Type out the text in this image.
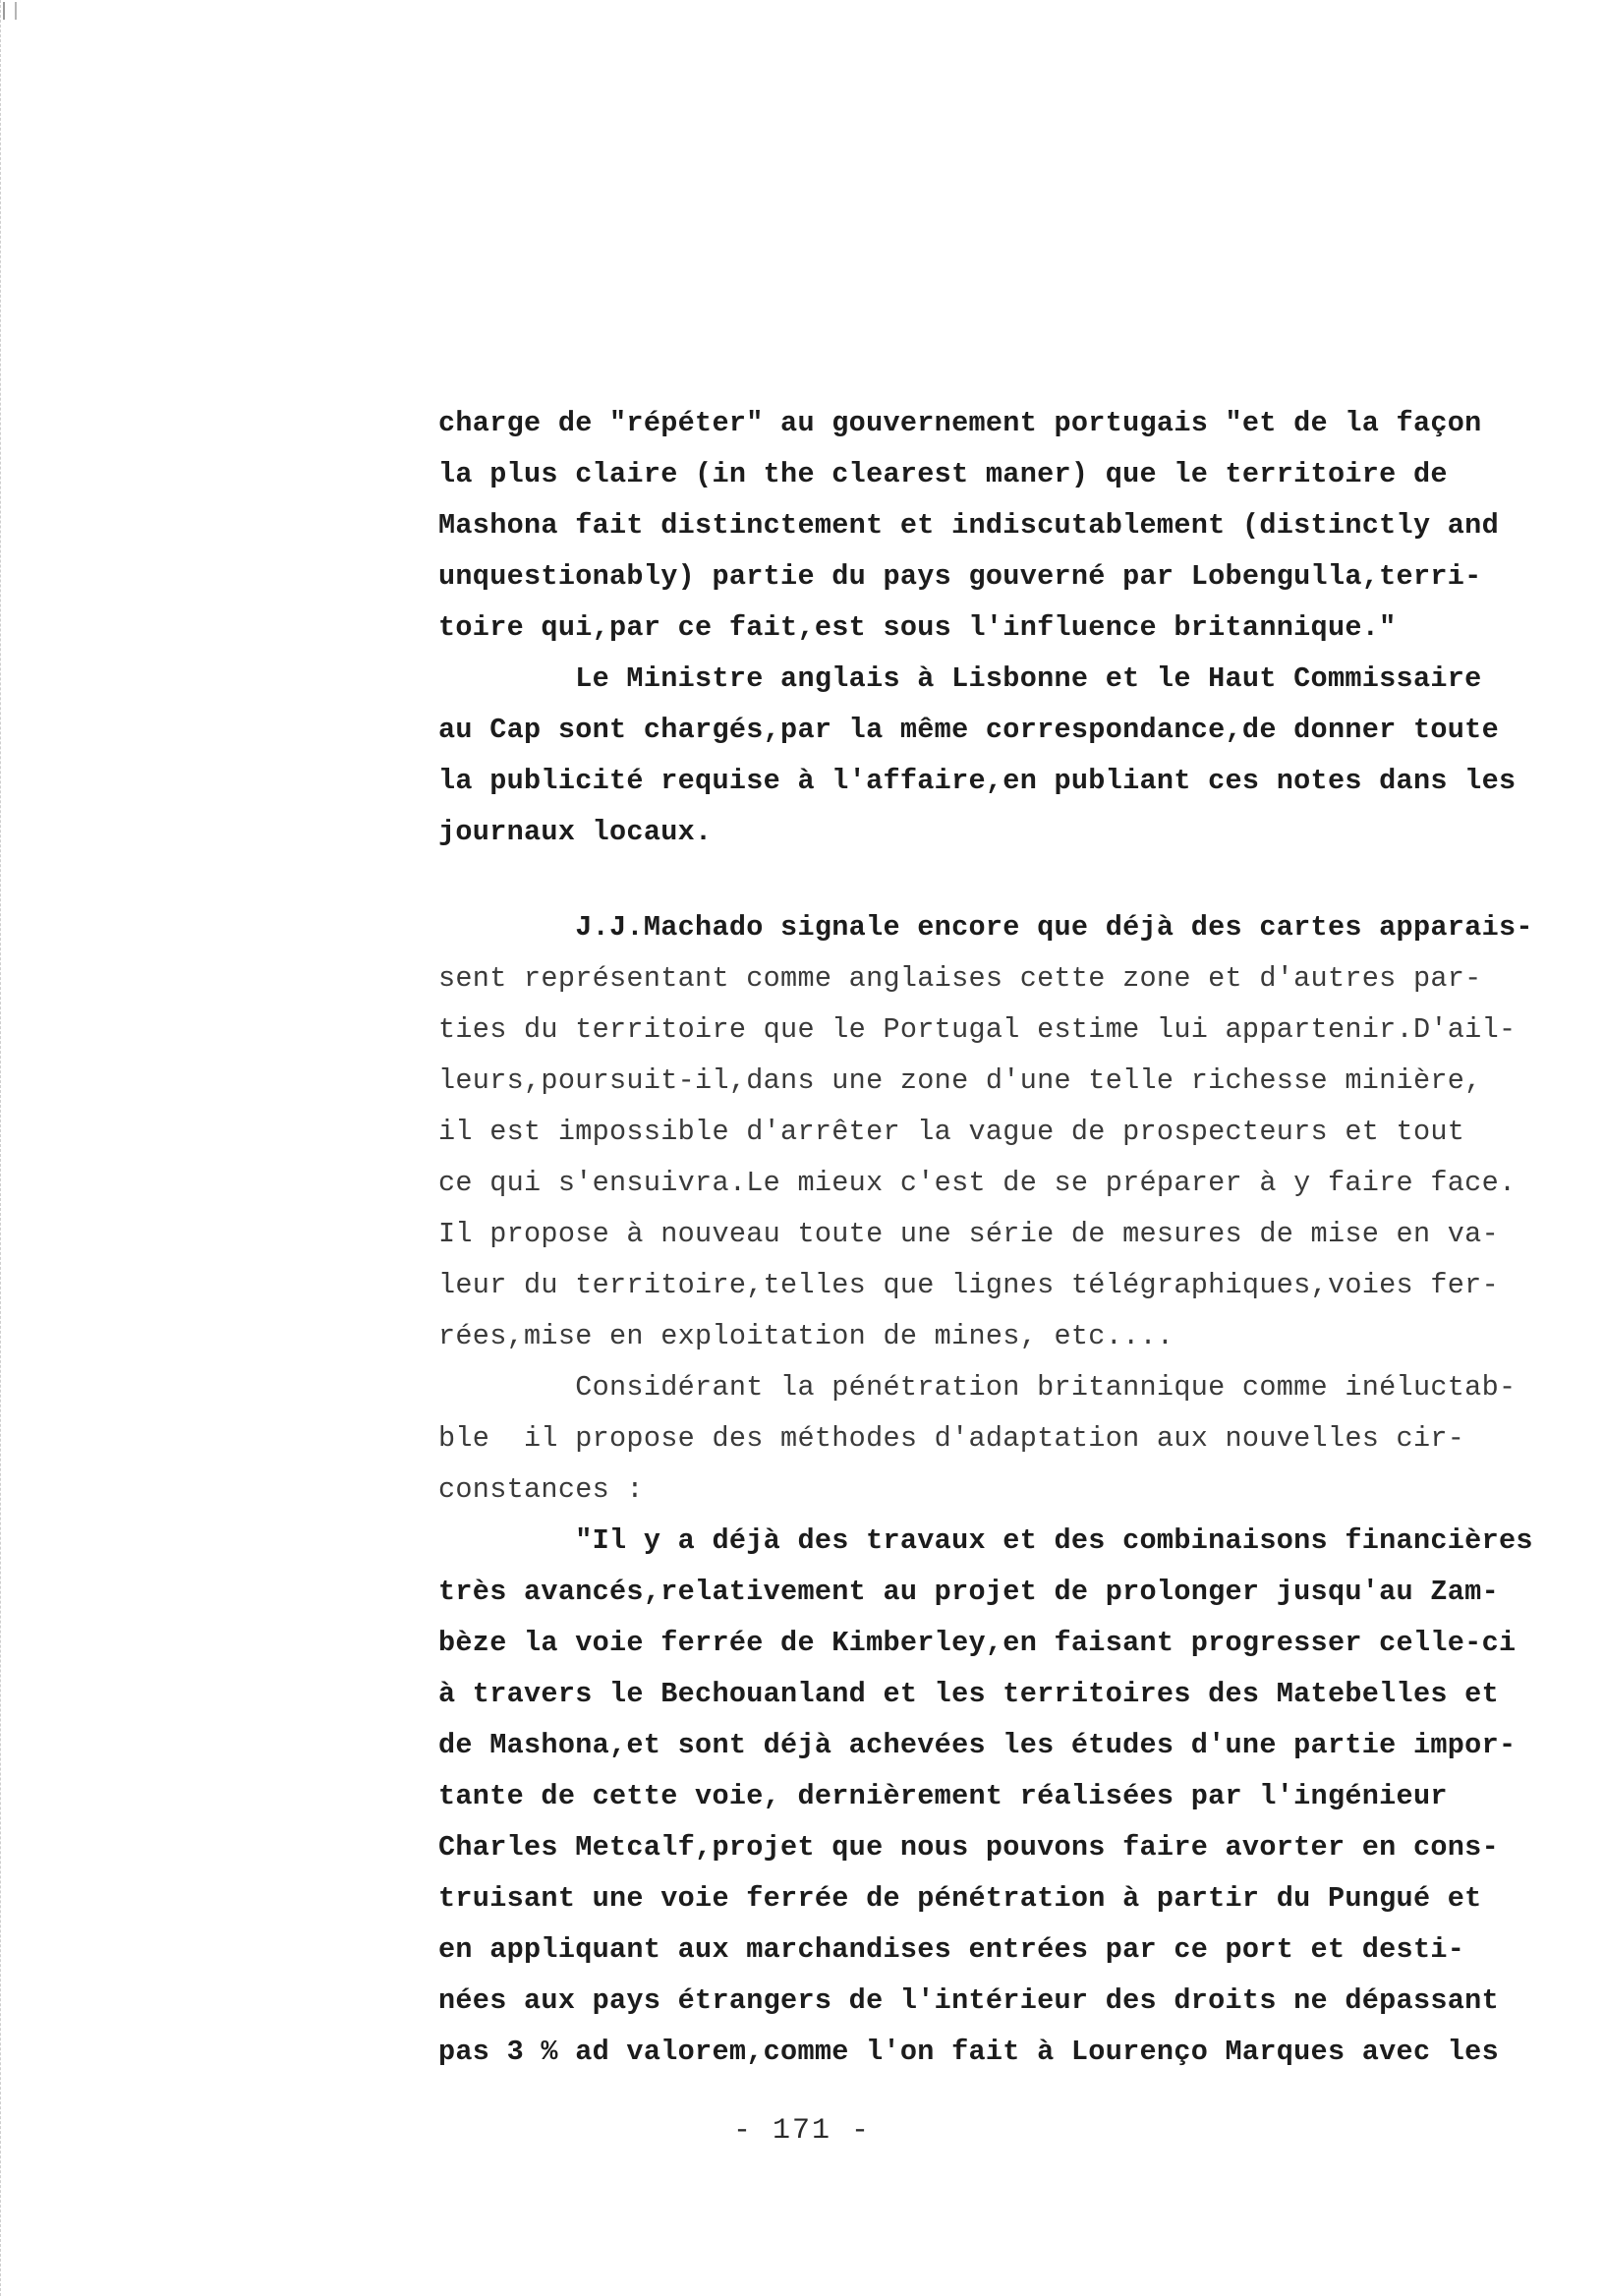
charge de "répéter" au gouvernement portugais "et de la façon
la plus claire (in the clearest maner) que le territoire de
Mashona fait distinctement et indiscutablement (distinctly and
unquestionably) partie du pays gouverné par Lobengulla,terri-
toire qui,par ce fait,est sous l'influence britannique."
Le Ministre anglais à Lisbonne et le Haut Commissaire
au Cap sont chargés,par la même correspondance,de donner toute
la publicité requise à l'affaire,en publiant ces notes dans les
journaux locaux.
J.J.Machado signale encore que déjà des cartes apparais-
sent représentant comme anglaises cette zone et d'autres par-
ties du territoire que le Portugal estime lui appartenir.D'ail-
leurs,poursuit-il,dans une zone d'une telle richesse minière,
il est impossible d'arrêter la vague de prospecteurs et tout
ce qui s'ensuivra.Le mieux c'est de se préparer à y faire face.
Il propose à nouveau toute une série de mesures de mise en va-
leur du territoire,telles que lignes télégraphiques,voies fer-
rées,mise en exploitation de mines, etc....
Considérant la pénétration britannique comme inéluctab-
ble  il propose des méthodes d'adaptation aux nouvelles cir-
constances :
"Il y a déjà des travaux et des combinaisons financières
très avancés,relativement au projet de prolonger jusqu'au Zam-
bèze la voie ferrée de Kimberley,en faisant progresser celle-ci
à travers le Bechouanland et les territoires des Matebelles et
de Mashona,et sont déjà achevées les études d'une partie impor-
tante de cette voie, dernièrement réalisées par l'ingénieur
Charles Metcalf,projet que nous pouvons faire avorter en cons-
truisant une voie ferrée de pénétration à partir du Pungué et
en appliquant aux marchandises entrées par ce port et desti-
nées aux pays étrangers de l'intérieur des droits ne dépassant
pas 3 % ad valorem,comme l'on fait à Lourenço Marques avec les
- 171 -
